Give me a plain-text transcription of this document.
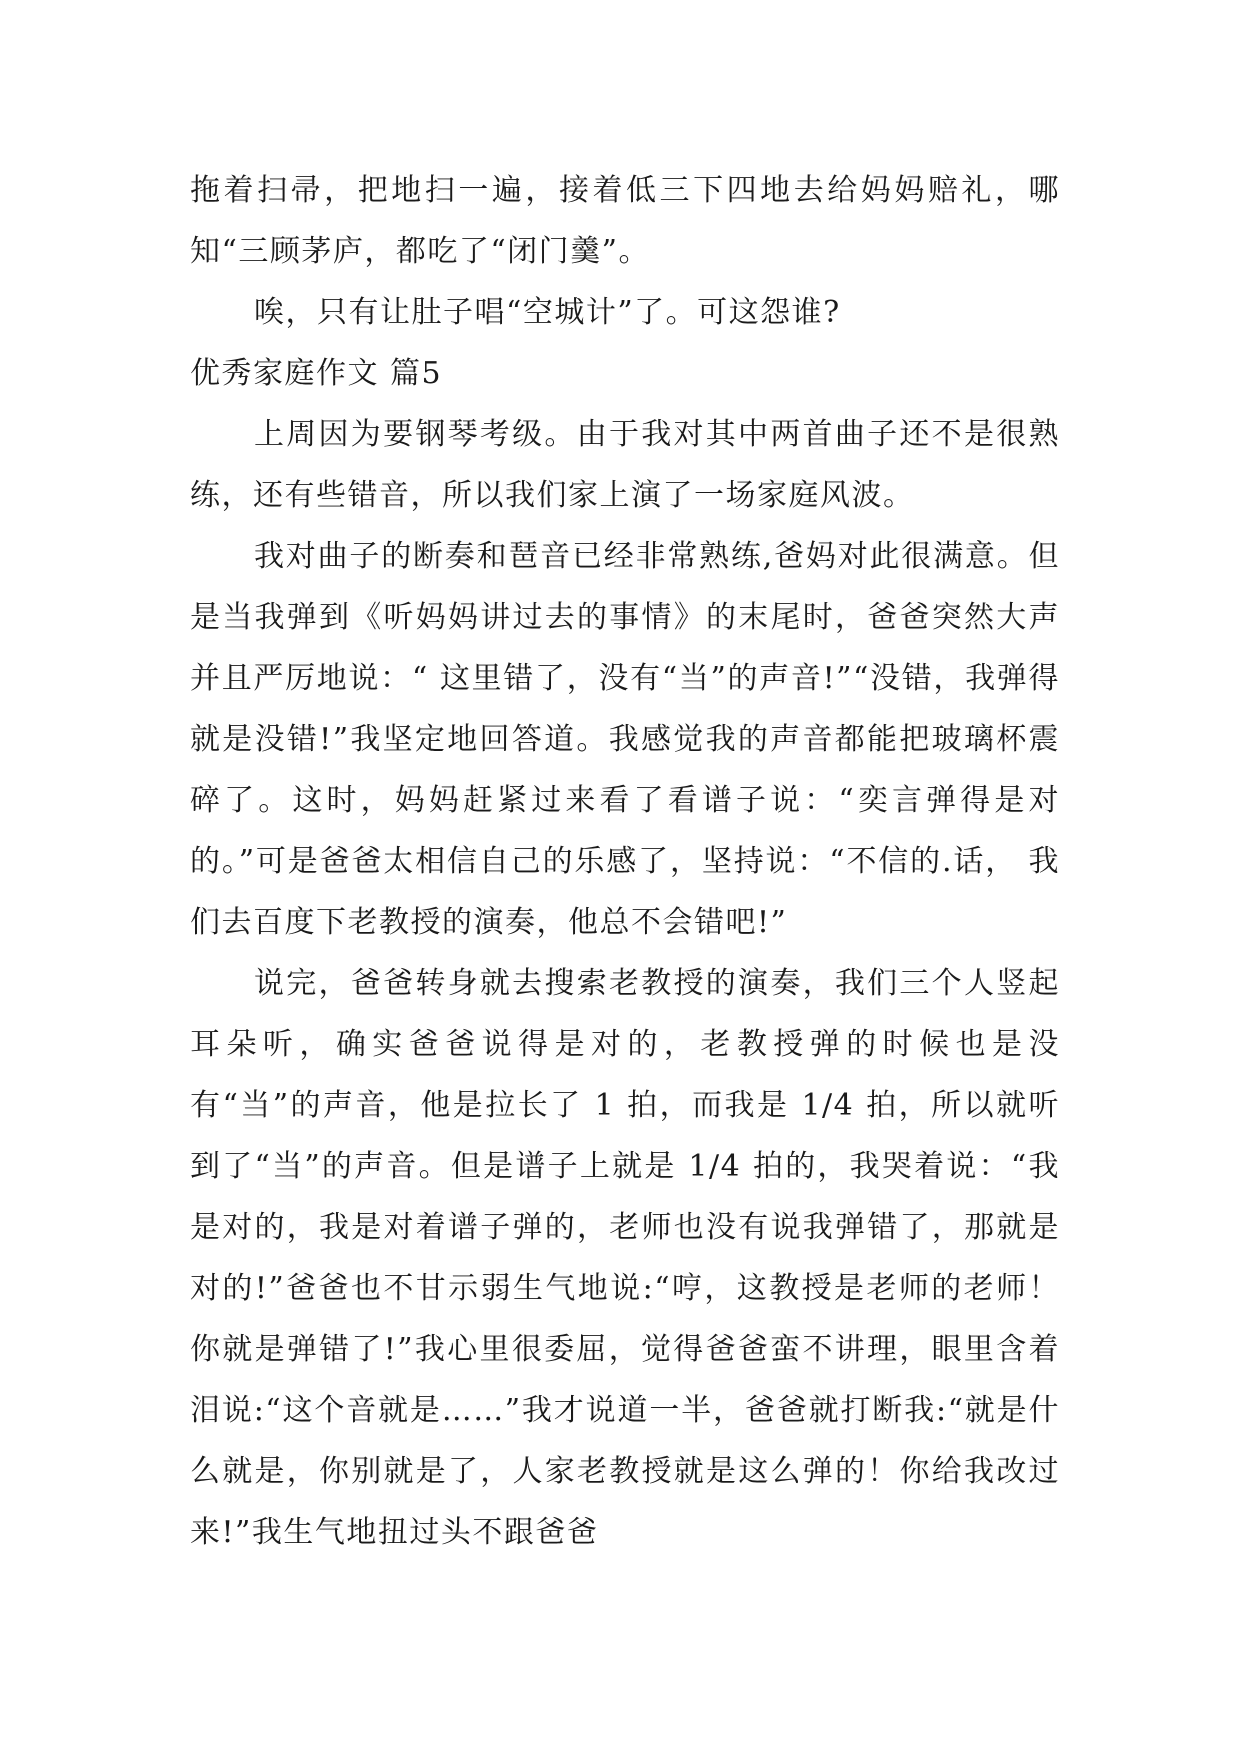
拖着扫帚，把地扫一遍，接着低三下四地去给妈妈赔礼，哪知“三顾茅庐，都吃了“闭门羹”。

唉，只有让肚子唱“空城计”了。可这怨谁?

优秀家庭作文 篇5

上周因为要钢琴考级。由于我对其中两首曲子还不是很熟练，还有些错音，所以我们家上演了一场家庭风波。

我对曲子的断奏和琶音已经非常熟练,爸妈对此很满意。但是当我弹到《听妈妈讲过去的事情》的末尾时，爸爸突然大声并且严厉地说：“ 这里错了，没有“当”的声音!”“没错，我弹得就是没错!”我坚定地回答道。我感觉我的声音都能把玻璃杯震碎了。这时，妈妈赶紧过来看了看谱子说：“奕言弹得是对的。”可是爸爸太相信自己的乐感了，坚持说：“不信的.话， 我们去百度下老教授的演奏，他总不会错吧!”

说完，爸爸转身就去搜索老教授的演奏，我们三个人竖起耳朵听，确实爸爸说得是对的，老教授弹的时候也是没有“当”的声音，他是拉长了 1 拍，而我是 1/4 拍，所以就听到了“当”的声音。但是谱子上就是 1/4 拍的，我哭着说：“我是对的，我是对着谱子弹的，老师也没有说我弹错了，那就是对的!”爸爸也不甘示弱生气地说:“哼，这教授是老师的老师！你就是弹错了!”我心里很委屈，觉得爸爸蛮不讲理，眼里含着泪说:“这个音就是……”我才说道一半，爸爸就打断我:“就是什么就是，你别就是了，人家老教授就是这么弹的！你给我改过来!”我生气地扭过头不跟爸爸
